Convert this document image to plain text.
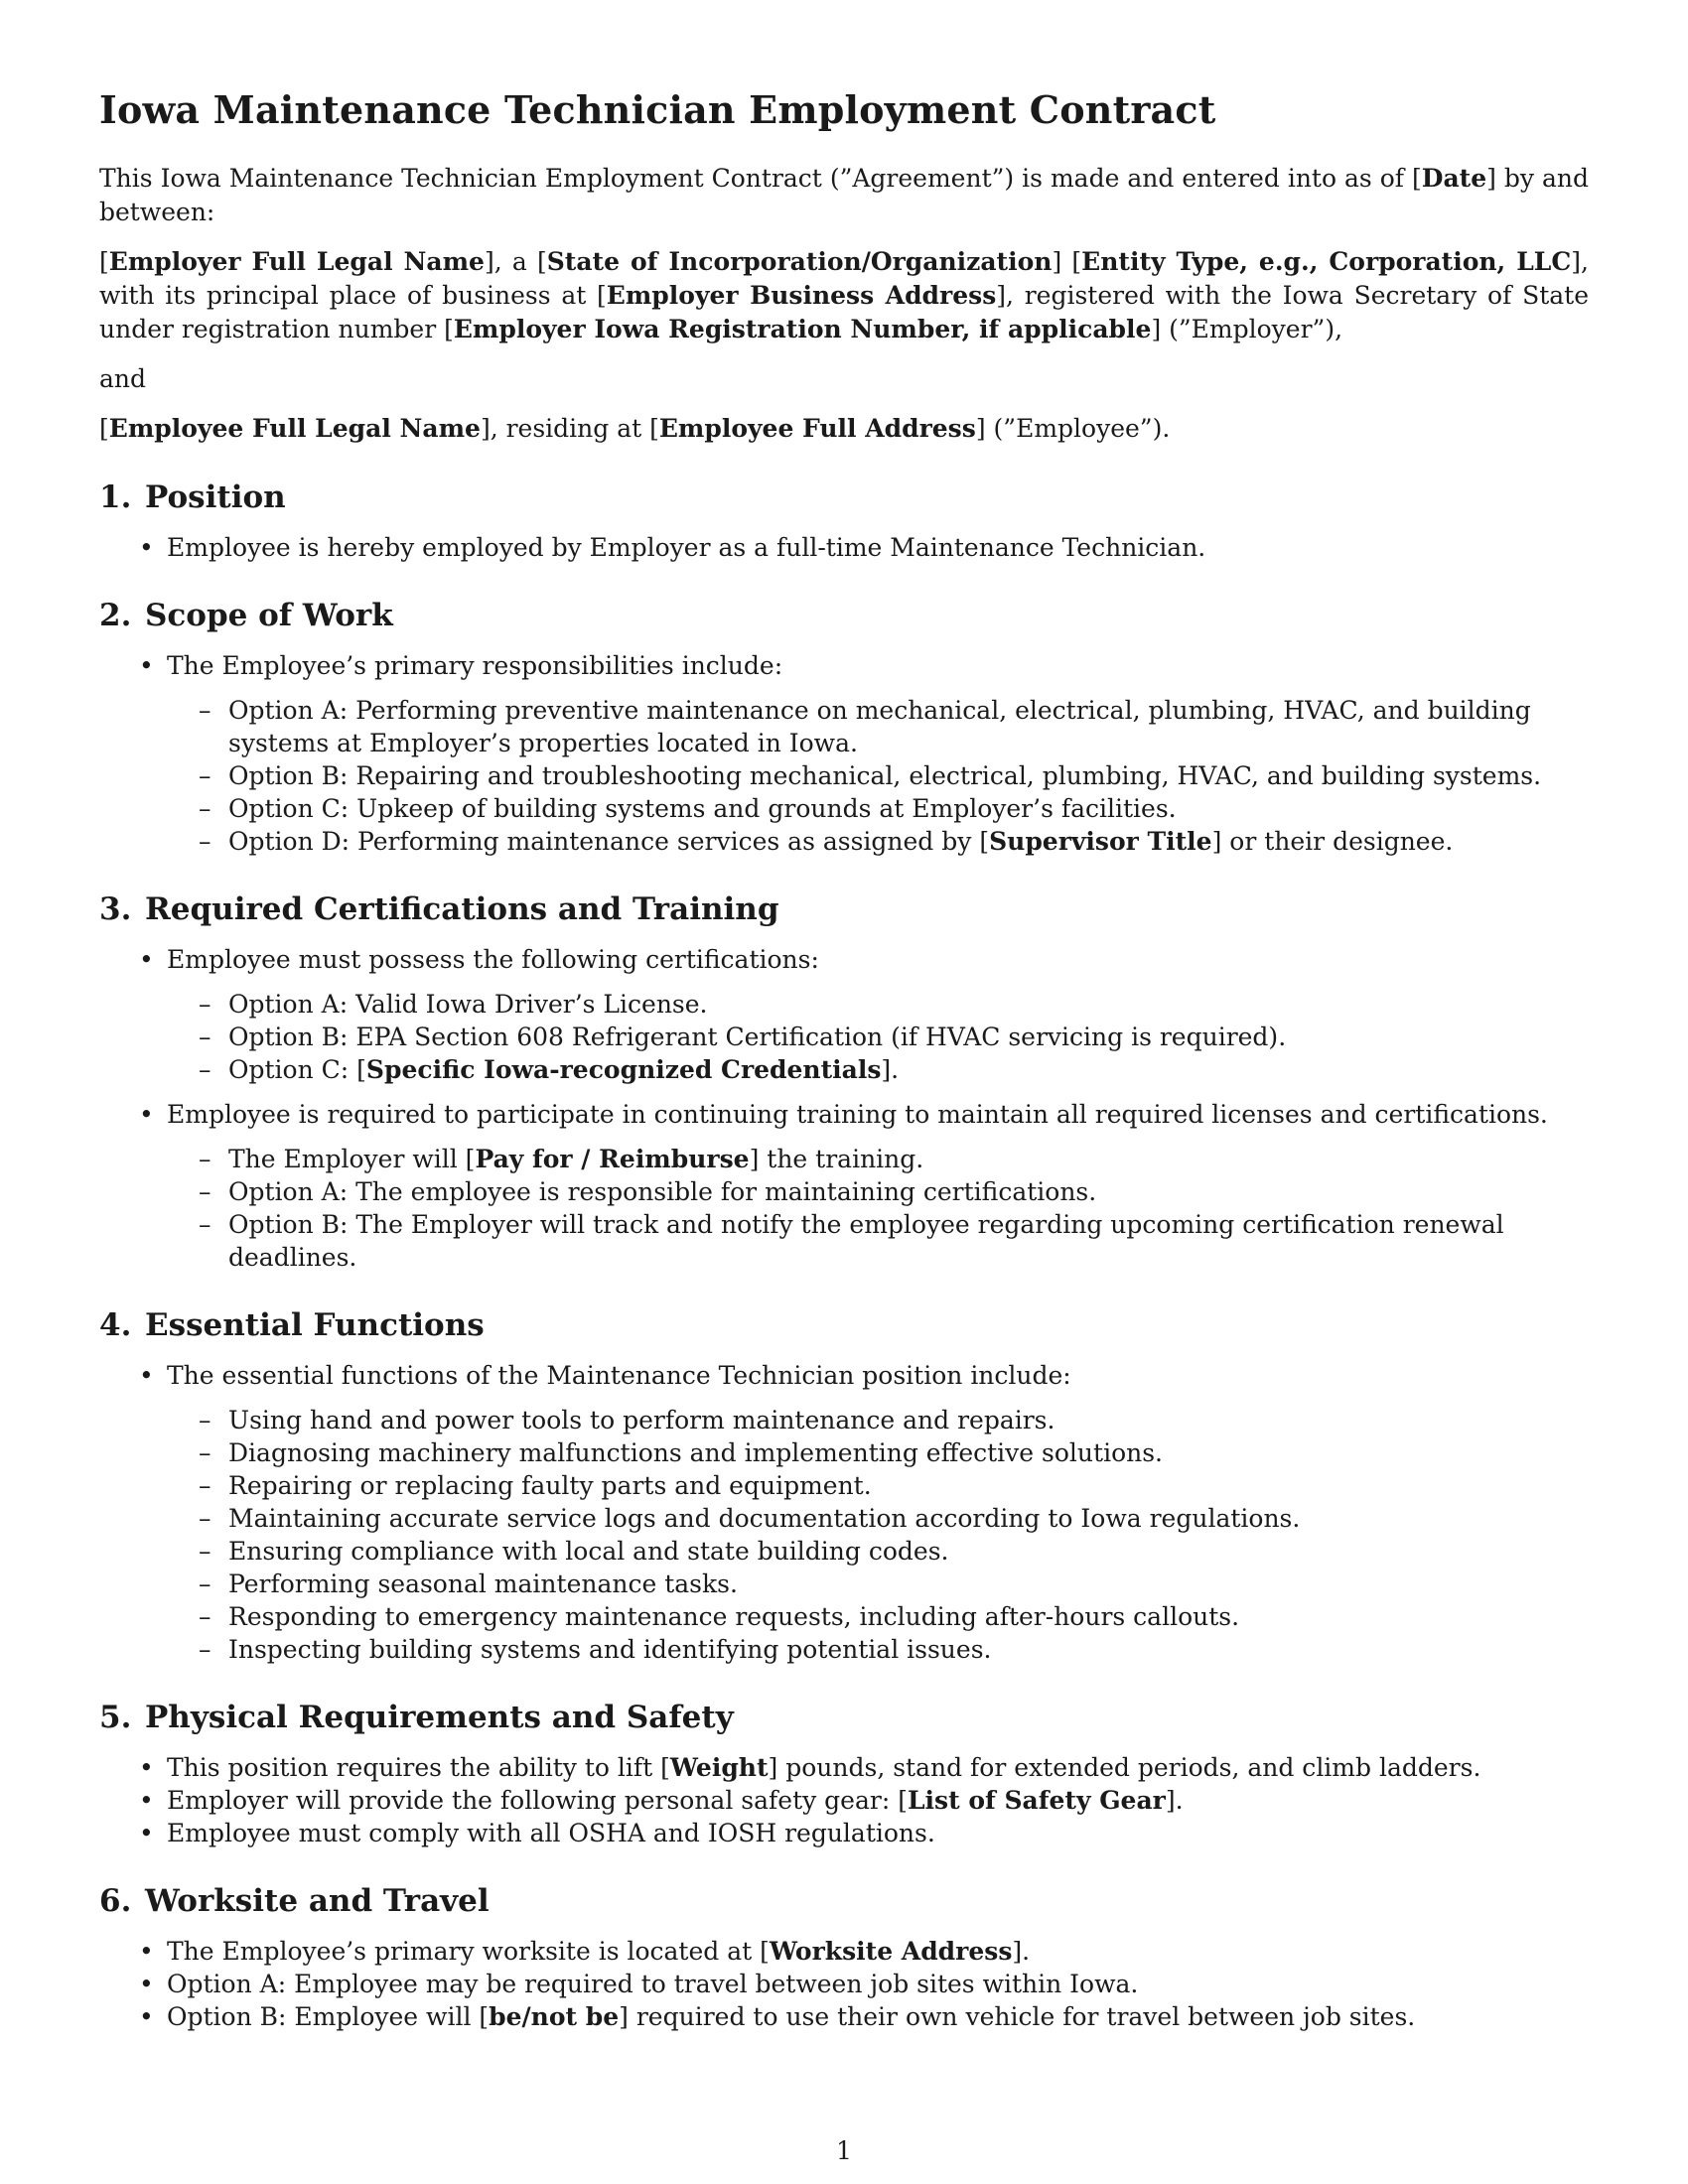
Iowa Maintenance Technician Employment Contract

This Iowa Maintenance Technician Employment Contract (”Agreement”) is made and entered into as of [Date] by and between:

[Employer Full Legal Name], a [State of Incorporation/Organization] [Entity Type, e.g., Corporation, LLC], with its principal place of business at [Employer Business Address], registered with the Iowa Secretary of State under registration number [Employer Iowa Registration Number, if applicable] (”Employer”),

and

[Employee Full Legal Name], residing at [Employee Full Address] (”Employee”).

1. Position
• Employee is hereby employed by Employer as a full-time Maintenance Technician.
2. Scope of Work
• The Employee’s primary responsibilities include:
– Option A: Performing preventive maintenance on mechanical, electrical, plumbing, HVAC, and building systems at Employer’s properties located in Iowa.
– Option B: Repairing and troubleshooting mechanical, electrical, plumbing, HVAC, and building systems.
– Option C: Upkeep of building systems and grounds at Employer’s facilities.
– Option D: Performing maintenance services as assigned by [Supervisor Title] or their designee.
3. Required Certifications and Training
• Employee must possess the following certifications:
– Option A: Valid Iowa Driver’s License.
– Option B: EPA Section 608 Refrigerant Certification (if HVAC servicing is required).
– Option C: [Specific Iowa-recognized Credentials].
• Employee is required to participate in continuing training to maintain all required licenses and certifications.
– The Employer will [Pay for / Reimburse] the training.
– Option A: The employee is responsible for maintaining certifications.
– Option B: The Employer will track and notify the employee regarding upcoming certification renewal deadlines.
4. Essential Functions
• The essential functions of the Maintenance Technician position include:
– Using hand and power tools to perform maintenance and repairs.
– Diagnosing machinery malfunctions and implementing effective solutions.
– Repairing or replacing faulty parts and equipment.
– Maintaining accurate service logs and documentation according to Iowa regulations.
– Ensuring compliance with local and state building codes.
– Performing seasonal maintenance tasks.
– Responding to emergency maintenance requests, including after-hours callouts.
– Inspecting building systems and identifying potential issues.
5. Physical Requirements and Safety
• This position requires the ability to lift [Weight] pounds, stand for extended periods, and climb ladders.
• Employer will provide the following personal safety gear: [List of Safety Gear].
• Employee must comply with all OSHA and IOSH regulations.
6. Worksite and Travel
• The Employee’s primary worksite is located at [Worksite Address].
• Option A: Employee may be required to travel between job sites within Iowa.
• Option B: Employee will [be/not be] required to use their own vehicle for travel between job sites.
1
